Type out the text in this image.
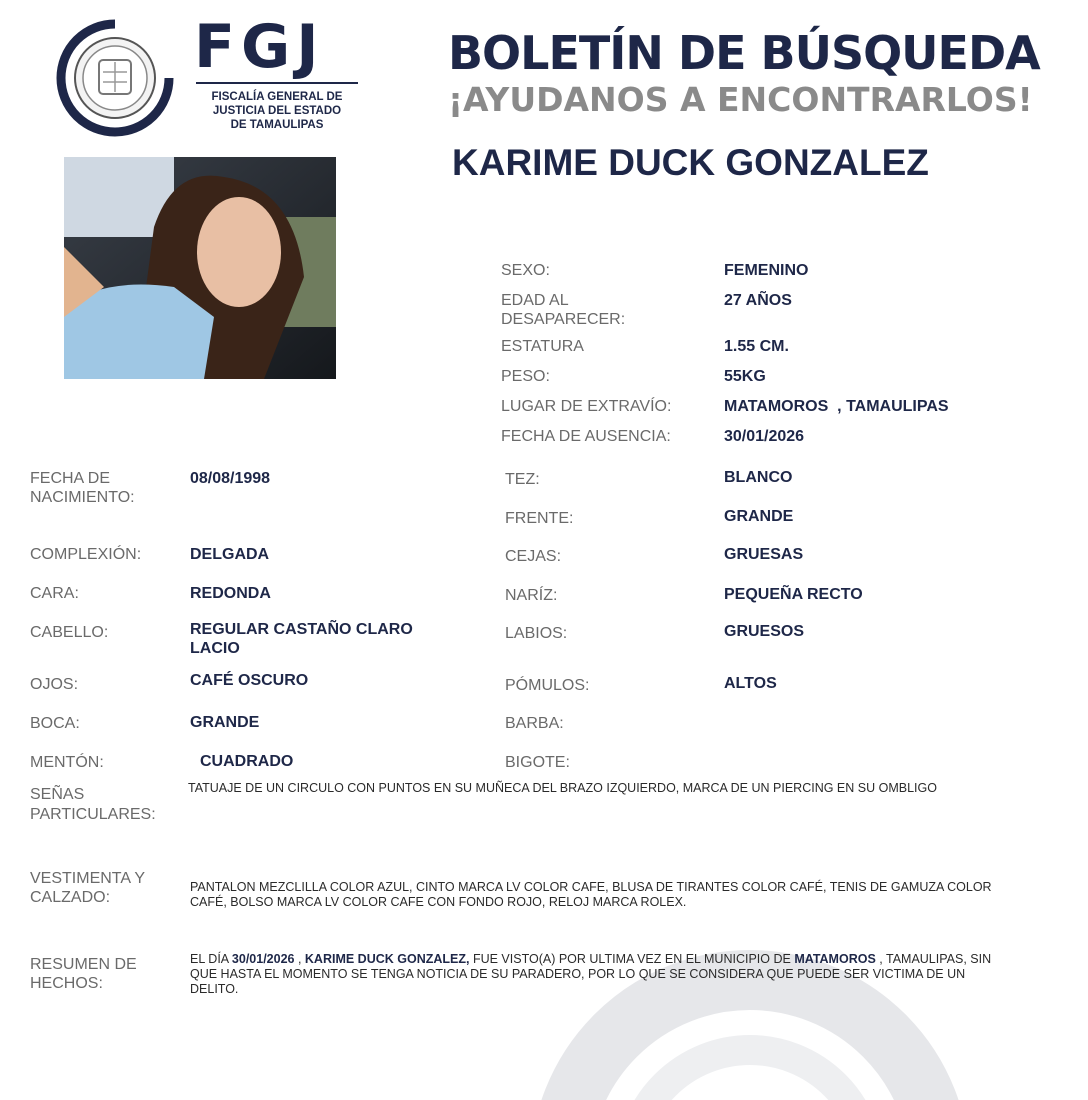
FGJ
FISCALÍA GENERAL DE
JUSTICIA DEL ESTADO
DE TAMAULIPAS
BOLETÍN DE BÚSQUEDA
¡AYUDANOS A ENCONTRARLOS!
KARIME DUCK GONZALEZ
SEXO:	FEMENINO
EDAD AL DESAPARECER:
27 AÑOS
ESTATURA	1.55 CM.
PESO:	55KG
LUGAR DE EXTRAVÍO:	MATAMOROS  , TAMAULIPAS
FECHA DE AUSENCIA:	30/01/2026
FECHA DE NACIMIENTO:
08/08/1998
COMPLEXIÓN:	DELGADA
CARA:	REDONDA
CABELLO:	REGULAR CASTAÑO CLARO LACIO
OJOS:	CAFÉ OSCURO
BOCA:	GRANDE
MENTÓN:	CUADRADO
TEZ:	BLANCO
FRENTE:	GRANDE
CEJAS:	GRUESAS
NARÍZ:	PEQUEÑA RECTO
LABIOS:	GRUESOS
PÓMULOS:	ALTOS
BARBA:
BIGOTE:
SEÑAS PARTICULARES:
TATUAJE DE UN CIRCULO CON PUNTOS EN SU MUÑECA DEL BRAZO IZQUIERDO, MARCA DE UN PIERCING EN SU OMBLIGO
VESTIMENTA Y CALZADO:
PANTALON MEZCLILLA COLOR AZUL, CINTO MARCA LV COLOR CAFE, BLUSA DE TIRANTES COLOR CAFÉ, TENIS DE GAMUZA COLOR CAFÉ, BOLSO MARCA LV COLOR CAFE CON FONDO ROJO, RELOJ MARCA ROLEX.
RESUMEN DE HECHOS:
EL DÍA 30/01/2026 , KARIME DUCK GONZALEZ, FUE VISTO(A) POR ULTIMA VEZ EN EL MUNICIPIO DE MATAMOROS , TAMAULIPAS, SIN QUE HASTA EL MOMENTO SE TENGA NOTICIA DE SU PARADERO, POR LO QUE SE CONSIDERA QUE PUEDE SER VICTIMA DE UN DELITO.
